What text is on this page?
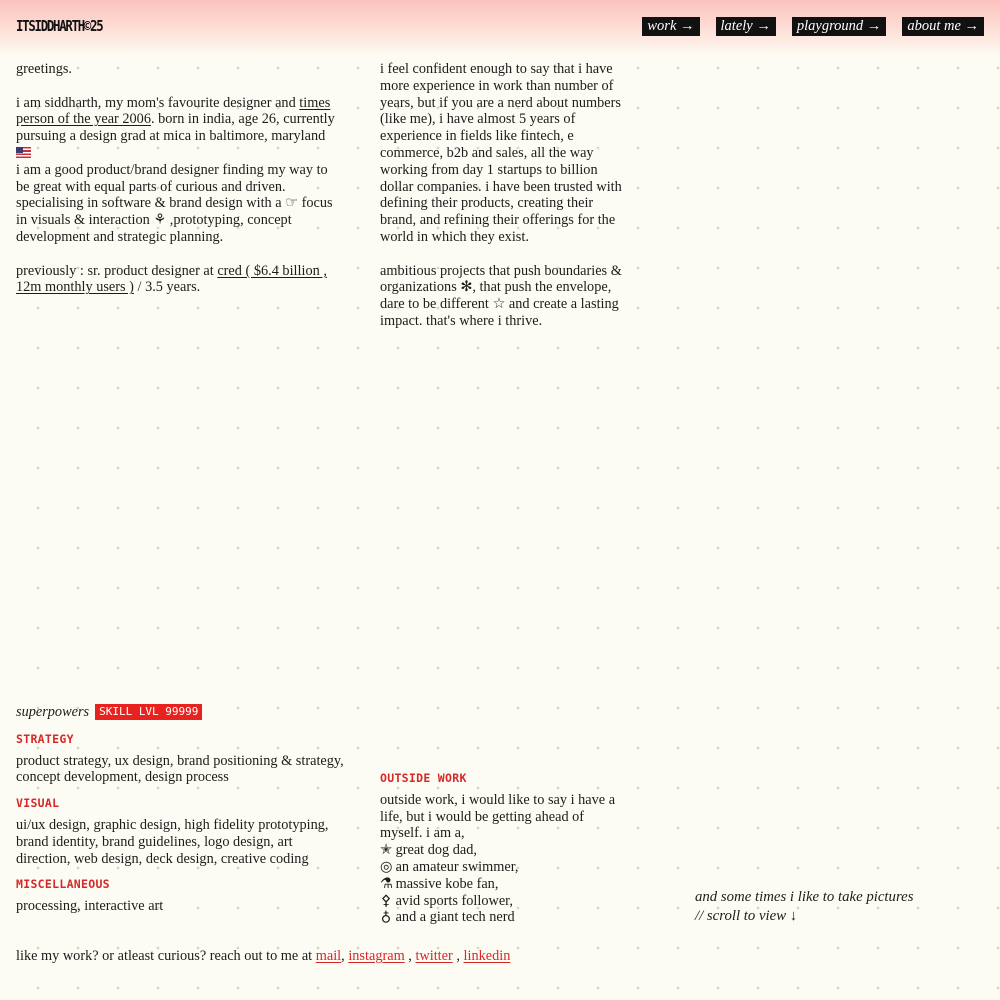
ITSIDDHARTH©25	work →	lately →	playground →	about me →

greetings.

i am siddharth, my mom's favourite designer and times person of the year 2006. born in india, age 26, currently pursuing a design grad at mica in baltimore, maryland

i am a good product/brand designer finding my way to be great with equal parts of curious and driven. specialising in software & brand design with a ☞ focus in visuals & interaction ⚘ ,prototyping, concept development and strategic planning.

previously : sr. product designer at cred ( $6.4 billion , 12m monthly users ) / 3.5 years.

i feel confident enough to say that i have more experience in work than number of years, but if you are a nerd about numbers (like me), i have almost 5 years of experience in fields like fintech, e commerce, b2b and sales, all the way working from day 1 startups to billion dollar companies. i have been trusted with defining their products, creating their brand, and refining their offerings for the world in which they exist.

ambitious projects that push boundaries & organizations ✻, that push the envelope, dare to be different ☆ and create a lasting impact. that's where i thrive.

superpowers SKILL LVL 99999

STRATEGY

product strategy, ux design, brand positioning & strategy, concept development, design process

VISUAL

ui/ux design, graphic design, high fidelity prototyping, brand identity, brand guidelines, logo design, art direction, web design, deck design, creative coding

MISCELLANEOUS

processing, interactive art

OUTSIDE WORK

outside work, i would like to say i have a life, but i would be getting ahead of myself. i am a,

✭ great dog dad,

◎ an amateur swimmer,

⚗ massive kobe fan,

⚴ avid sports follower,

♁ and a giant tech nerd

and some times i like to take pictures

// scroll to view ↓

like my work? or atleast curious? reach out to me at mail, instagram , twitter , linkedin
